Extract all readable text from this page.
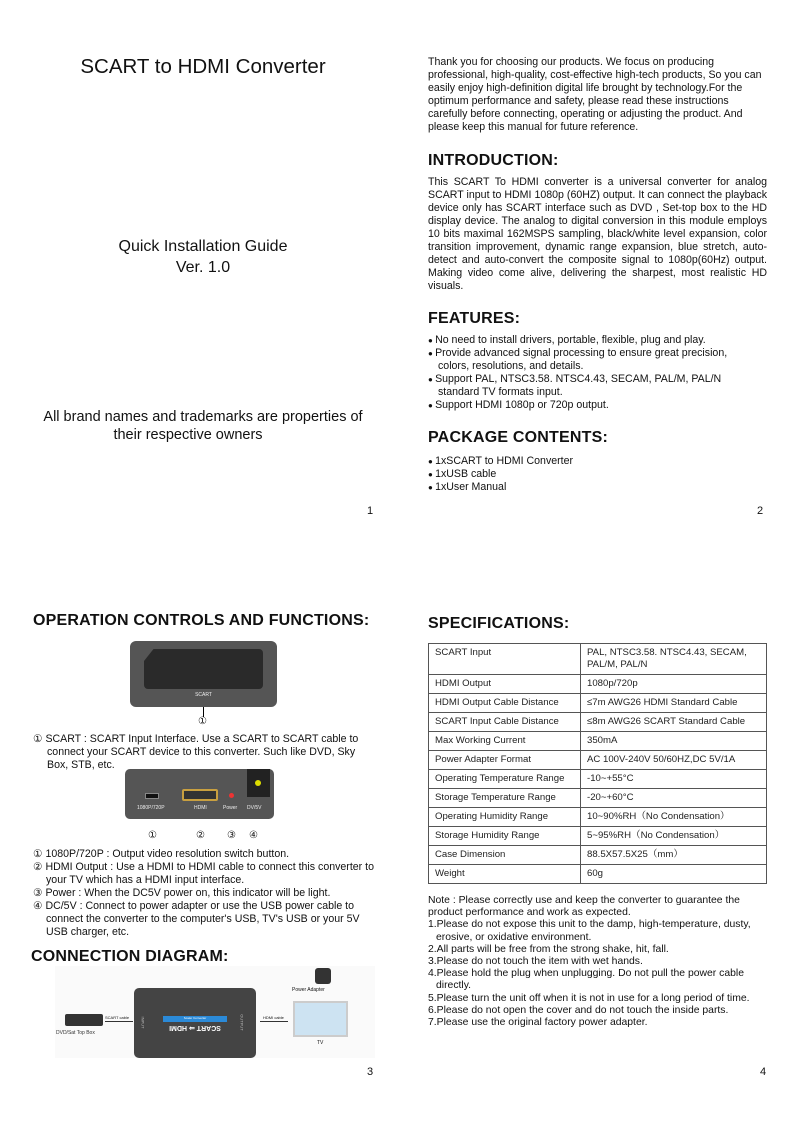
SCART to HDMI Converter
Quick Installation Guide
Ver. 1.0
All brand names and trademarks are properties of
their respective owners
1
Thank you for choosing our products. We focus on producing professional, high-quality, cost-effective high-tech products, So you can easily enjoy high-definition digital life brought by technology.For the optimum performance and safety, please read these instructions carefully before connecting, operating or adjusting the product. And please keep this manual for future reference.
INTRODUCTION:
This SCART To HDMI converter is a universal converter for analog SCART input to HDMI 1080p (60HZ) output. It can connect the playback device only has SCART interface such as DVD , Set-top box to the HD display device. The analog to digital conversion in this module employs 10 bits maximal 162MSPS sampling, black/white level expansion, color transition improvement, dynamic range expansion, blue stretch, auto-detect and auto-convert the composite signal to 1080p(60Hz) output. Making video come alive, delivering the sharpest, most realistic HD visuals.
FEATURES:
● No need to install drivers, portable, flexible, plug and play.
● Provide advanced signal processing to ensure great precision, colors, resolutions, and details.
● Support PAL, NTSC3.58. NTSC4.43, SECAM, PAL/M, PAL/N standard TV formats input.
● Support HDMI 1080p or 720p output.
PACKAGE CONTENTS:
● 1xSCART to HDMI Converter
● 1xUSB cable
● 1xUser Manual
2
OPERATION CONTROLS AND FUNCTIONS:
SCART
①
① SCART : SCART Input Interface. Use a SCART to SCART cable to connect your SCART device to this converter. Such like DVD, Sky Box, STB, etc.
1080P/720P	HDMI	Power DV/5V
①	② ③ ④
① 1080P/720P : Output video resolution switch button.
② HDMI Output : Use a HDMI to HDMI cable to connect this converter to your TV which has a HDMI input interface.
③ Power : When the DC5V power on, this indicator will be light.
④ DC/5V : Connect to power adapter or use the USB power cable to connect the converter to the computer's USB, TV's USB or your 5V USB charger, etc.
CONNECTION DIAGRAM:
DVD/Sat Top Box
SCART cable	Scaler Converter
SCART ⇒ HDMI
INPUT	OUTPUT	HDMI cable
Power Adapter
TV
3
SPECIFICATIONS:
SCART Input	PAL, NTSC3.58. NTSC4.43, SECAM, PAL/M, PAL/N
HDMI Output	1080p/720p
HDMI Output Cable Distance	≤7m AWG26 HDMI Standard Cable
SCART Input Cable Distance	≤8m AWG26 SCART Standard Cable
Max Working Current	350mA
Power Adapter Format	AC 100V-240V 50/60HZ,DC 5V/1A
Operating Temperature Range	-10~+55°C
Storage Temperature Range	-20~+60°C
Operating Humidity Range	10~90%RH（No Condensation）
Storage Humidity Range	5~95%RH（No Condensation）
Case Dimension	88.5X57.5X25（mm）
Weight	60g
Note : Please correctly use and keep the converter to guarantee the product performance and work as expected.
1.Please do not expose this unit to the damp, high-temperature, dusty, erosive, or oxidative environment.
2.All parts will be free from the strong shake, hit, fall.
3.Please do not touch the item with wet hands.
4.Please hold the plug when unplugging. Do not pull the power cable directly.
5.Please turn the unit off when it is not in use for a long period of time.
6.Please do not open the cover and do not touch the inside parts.
7.Please use the original factory power adapter.
4
